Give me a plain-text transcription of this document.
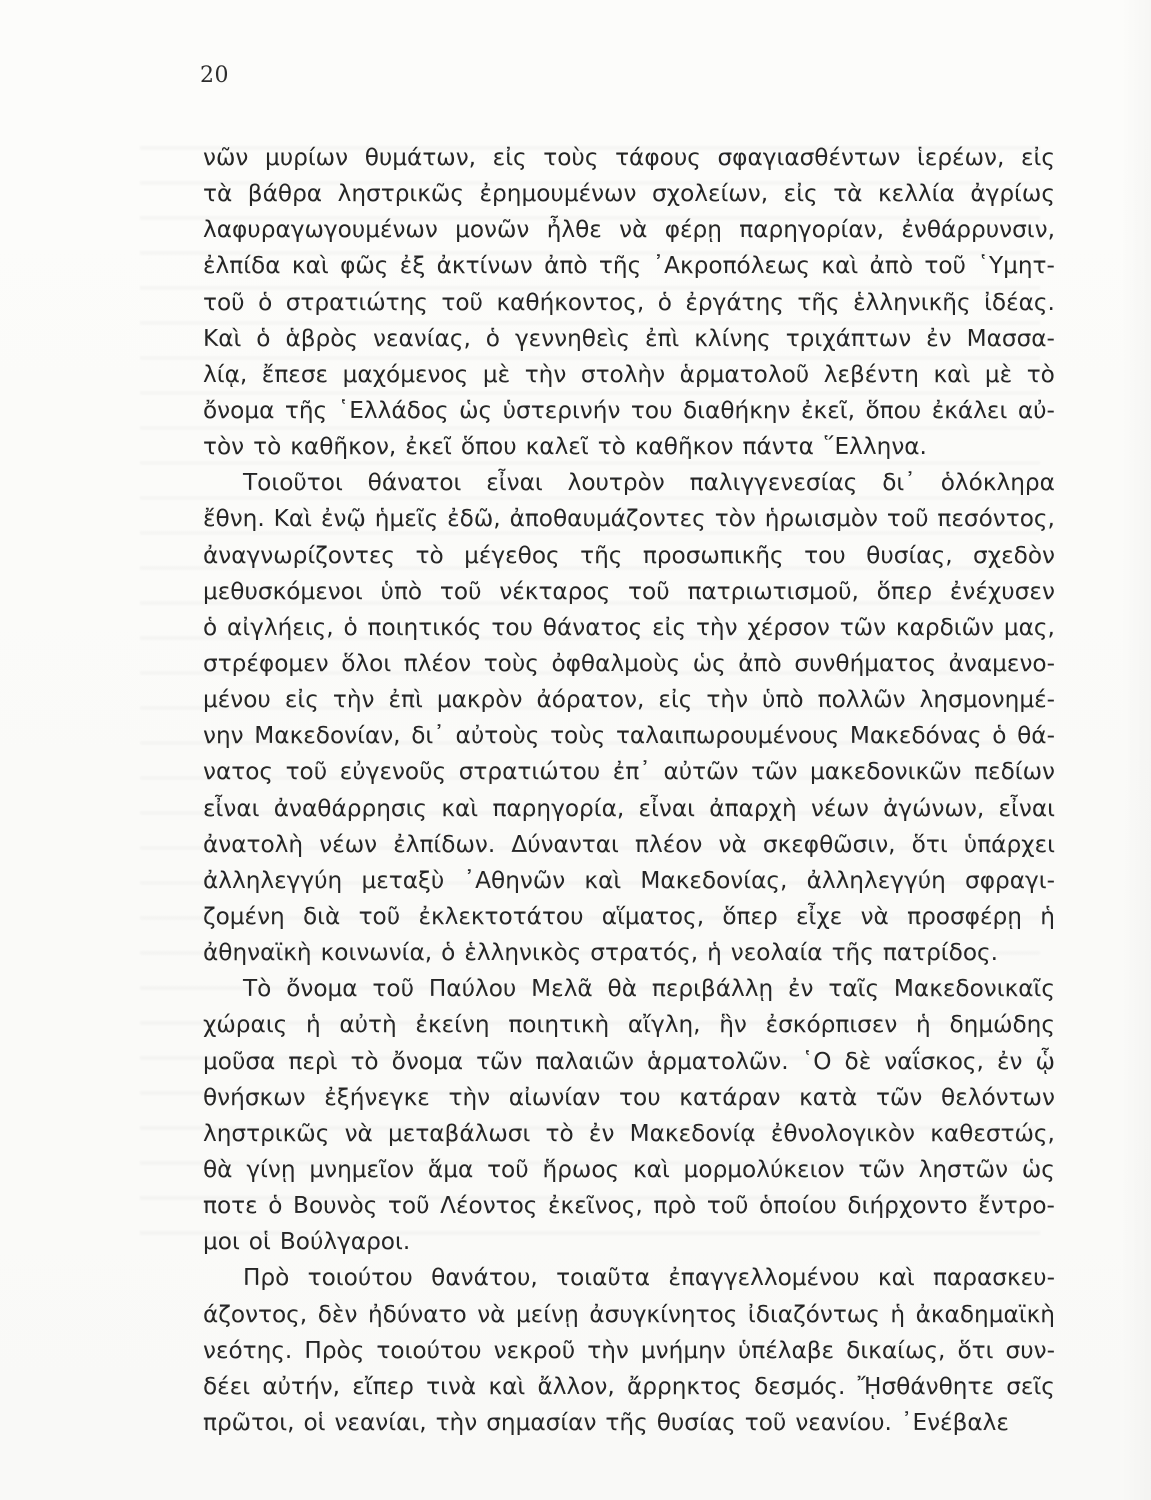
20
νῶν μυρίων θυμάτων, εἰς τοὺς τάφους σφαγιασθέντων ἱερέων, εἰς
τὰ βάθρα ληστρικῶς ἐρημουμένων σχολείων, εἰς τὰ κελλία ἀγρίως
λαφυραγωγουμένων μονῶν ἦλθε νὰ φέρῃ παρηγορίαν, ἐνθάρρυνσιν,
ἐλπίδα καὶ φῶς ἐξ ἀκτίνων ἀπὸ τῆς ᾿Ακροπόλεως καὶ ἀπὸ τοῦ ῾Υμητ-
τοῦ ὁ στρατιώτης τοῦ καθήκοντος, ὁ ἐργάτης τῆς ἑλληνικῆς ἰδέας.
Καὶ ὁ ἁβρὸς νεανίας, ὁ γεννηθεὶς ἐπὶ κλίνης τριχάπτων ἐν Μασσα-
λίᾳ, ἔπεσε μαχόμενος μὲ τὴν στολὴν ἁρματολοῦ λεβέντη καὶ μὲ τὸ
ὄνομα τῆς ῾Ελλάδος ὡς ὑστερινήν του διαθήκην ἐκεῖ, ὅπου ἐκάλει αὐ-
τὸν τὸ καθῆκον, ἐκεῖ ὅπου καλεῖ τὸ καθῆκον πάντα ῞Ελληνα.
Τοιοῦτοι θάνατοι εἶναι λουτρὸν παλιγγενεσίας δι᾿ ὁλόκληρα
ἔθνη. Καὶ ἐνῷ ἡμεῖς ἐδῶ, ἀποθαυμάζοντες τὸν ἡρωισμὸν τοῦ πεσόντος,
ἀναγνωρίζοντες τὸ μέγεθος τῆς προσωπικῆς του θυσίας, σχεδὸν
μεθυσκόμενοι ὑπὸ τοῦ νέκταρος τοῦ πατριωτισμοῦ, ὅπερ ἐνέχυσεν
ὁ αἰγλήεις, ὁ ποιητικός του θάνατος εἰς τὴν χέρσον τῶν καρδιῶν μας,
στρέφομεν ὅλοι πλέον τοὺς ὀφθαλμοὺς ὡς ἀπὸ συνθήματος ἀναμενο-
μένου εἰς τὴν ἐπὶ μακρὸν ἀόρατον, εἰς τὴν ὑπὸ πολλῶν λησμονημέ-
νην Μακεδονίαν, δι᾿ αὐτοὺς τοὺς ταλαιπωρουμένους Μακεδόνας ὁ θά-
νατος τοῦ εὐγενοῦς στρατιώτου ἐπ᾿ αὐτῶν τῶν μακεδονικῶν πεδίων
εἶναι ἀναθάρρησις καὶ παρηγορία, εἶναι ἀπαρχὴ νέων ἀγώνων, εἶναι
ἀνατολὴ νέων ἐλπίδων. Δύνανται πλέον νὰ σκεφθῶσιν, ὅτι ὑπάρχει
ἀλληλεγγύη μεταξὺ ᾿Αθηνῶν καὶ Μακεδονίας, ἀλληλεγγύη σφραγι-
ζομένη διὰ τοῦ ἐκλεκτοτάτου αἵματος, ὅπερ εἶχε νὰ προσφέρῃ ἡ
ἀθηναϊκὴ κοινωνία, ὁ ἑλληνικὸς στρατός, ἡ νεολαία τῆς πατρίδος.
Τὸ ὄνομα τοῦ Παύλου Μελᾶ θὰ περιβάλλῃ ἐν ταῖς Μακεδονικαῖς
χώραις ἡ αὐτὴ ἐκείνη ποιητικὴ αἴγλη, ἣν ἐσκόρπισεν ἡ δημώδης
μοῦσα περὶ τὸ ὄνομα τῶν παλαιῶν ἁρματολῶν. ῾Ο δὲ ναΐσκος, ἐν ᾧ
θνήσκων ἐξήνεγκε τὴν αἰωνίαν του κατάραν κατὰ τῶν θελόντων
ληστρικῶς νὰ μεταβάλωσι τὸ ἐν Μακεδονίᾳ ἐθνολογικὸν καθεστώς,
θὰ γίνῃ μνημεῖον ἅμα τοῦ ἥρωος καὶ μορμολύκειον τῶν ληστῶν ὡς
ποτε ὁ Βουνὸς τοῦ Λέοντος ἐκεῖνος, πρὸ τοῦ ὁποίου διήρχοντο ἔντρο-
μοι οἱ Βούλγαροι.
Πρὸ τοιούτου θανάτου, τοιαῦτα ἐπαγγελλομένου καὶ παρασκευ-
άζοντος, δὲν ἠδύνατο νὰ μείνῃ ἀσυγκίνητος ἰδιαζόντως ἡ ἀκαδημαϊκὴ
νεότης. Πρὸς τοιούτου νεκροῦ τὴν μνήμην ὑπέλαβε δικαίως, ὅτι συν-
δέει αὐτήν, εἴπερ τινὰ καὶ ἄλλον, ἄρρηκτος δεσμός. ᾜσθάνθητε σεῖς
πρῶτοι, οἱ νεανίαι, τὴν σημασίαν τῆς θυσίας τοῦ νεανίου. ᾿Ενέβαλε
